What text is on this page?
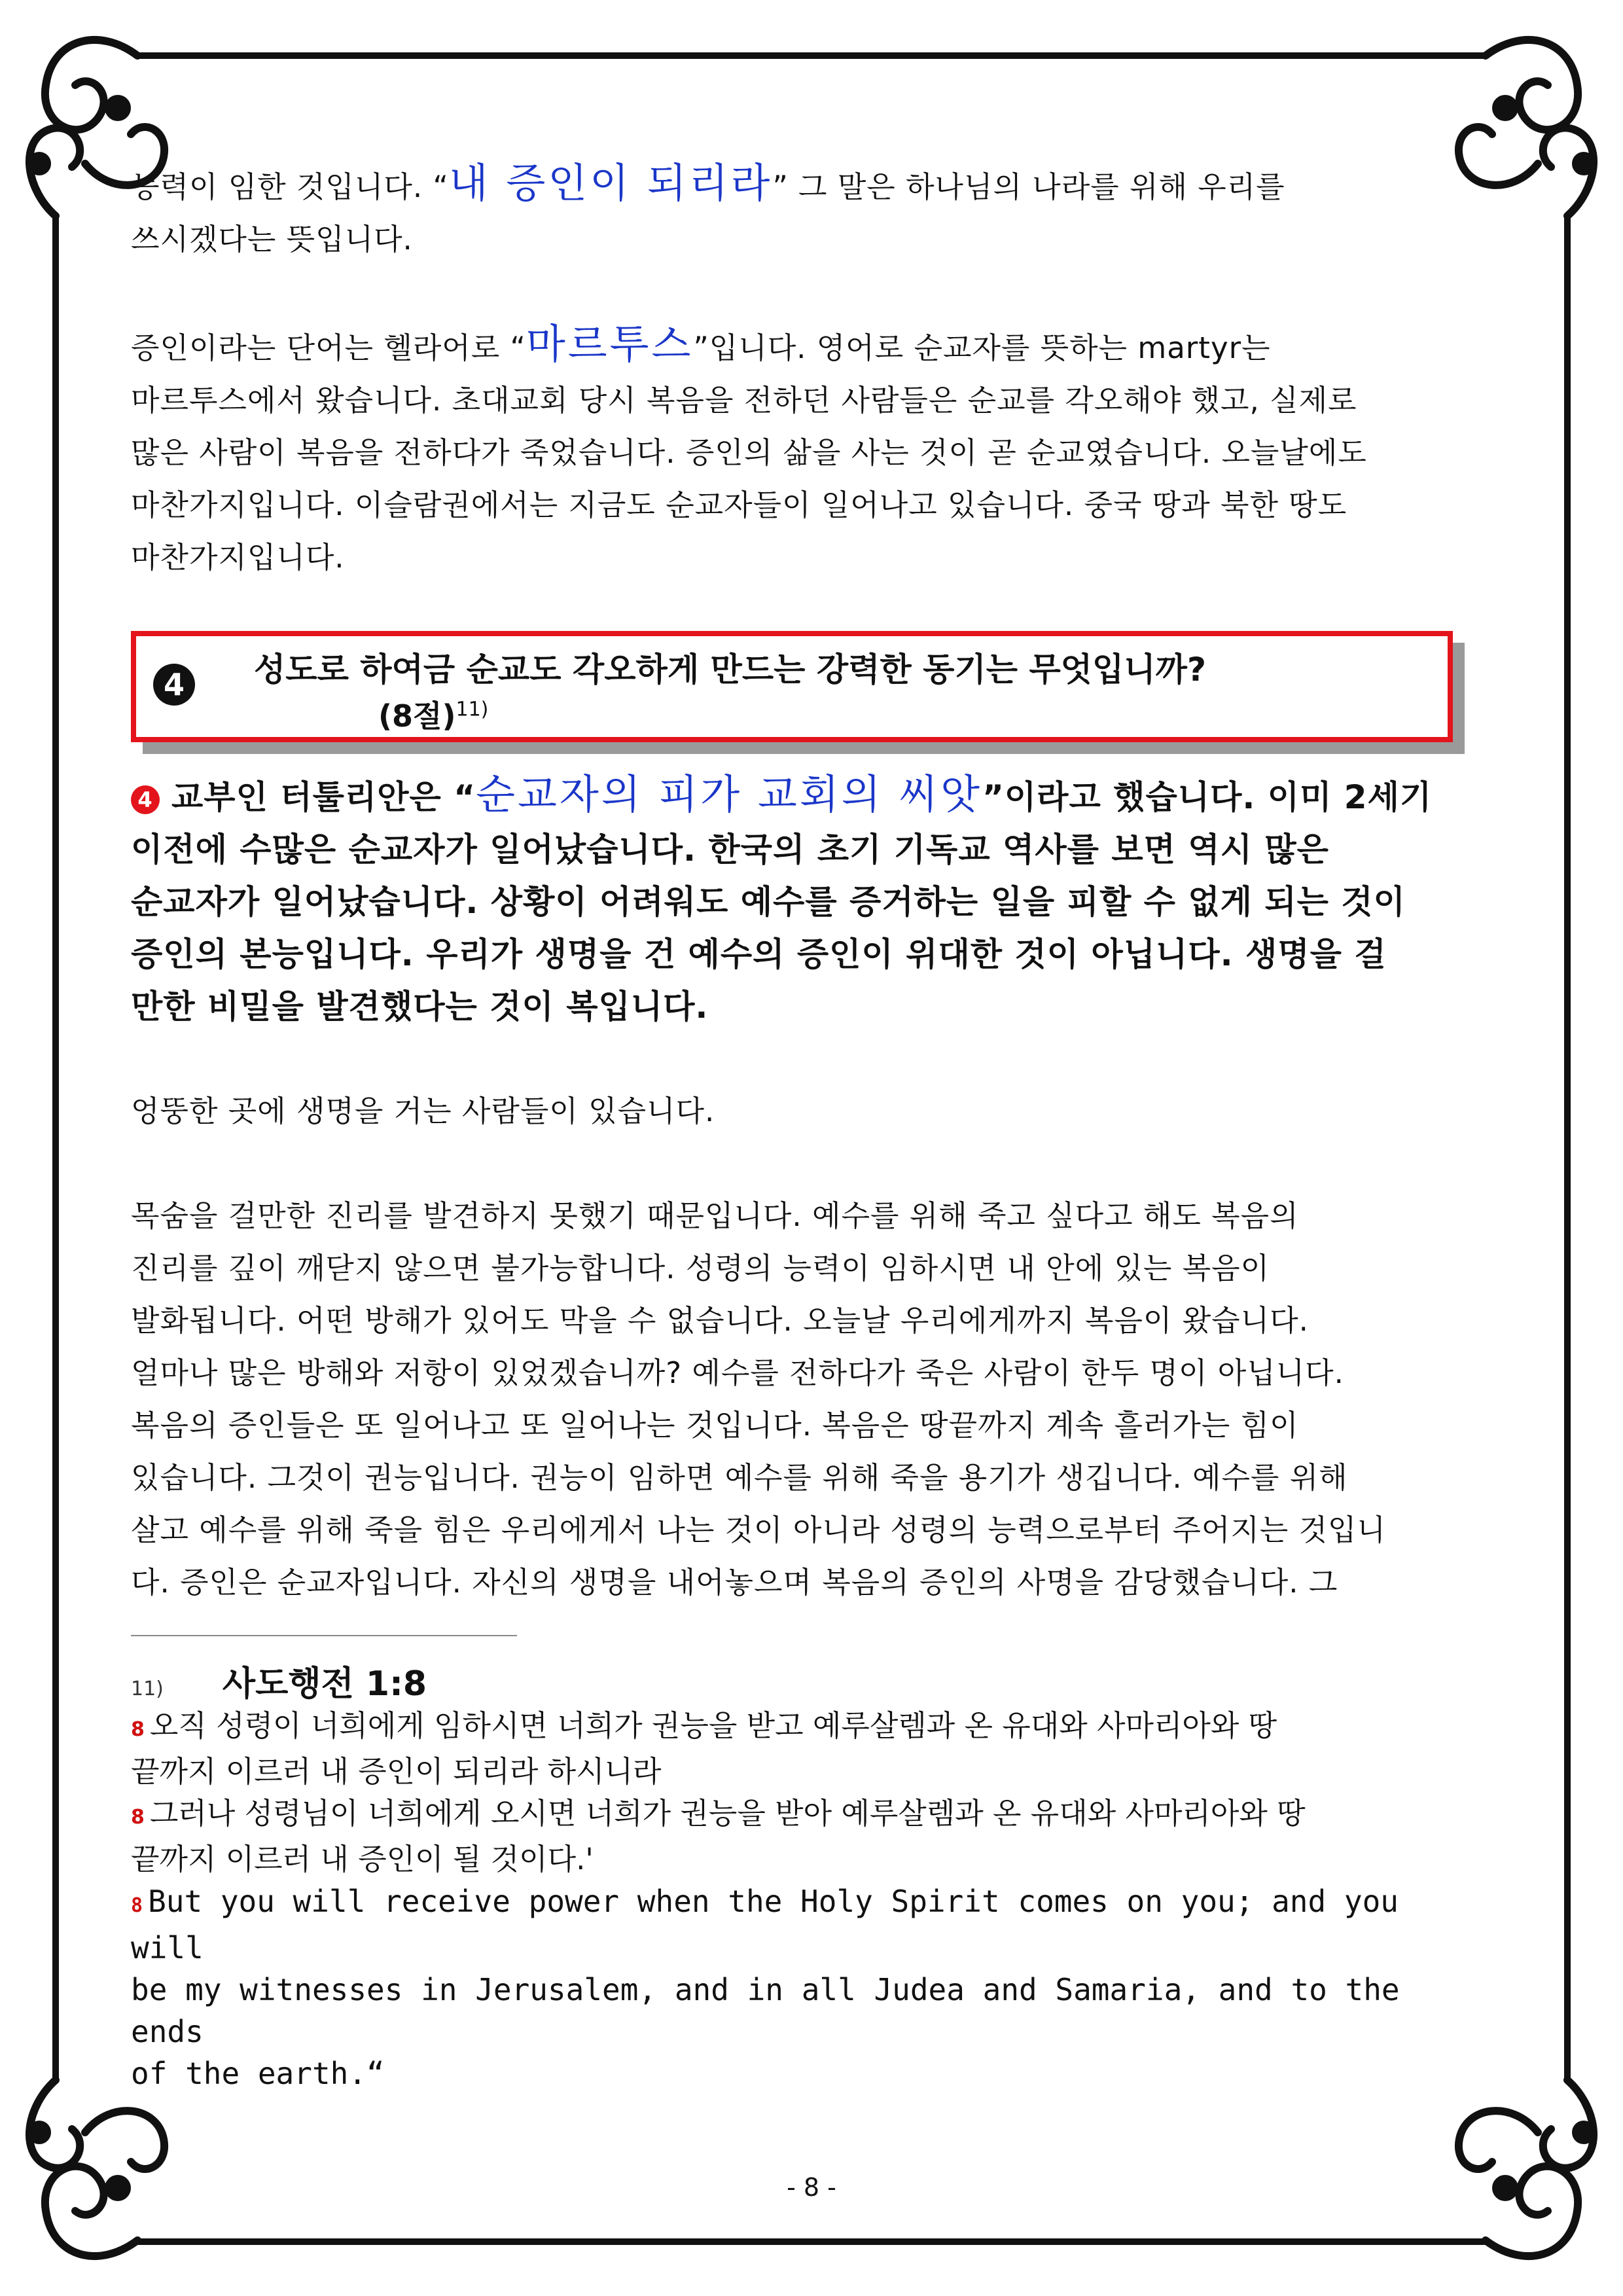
능력이 임한 것입니다. “내 증인이 되리라” 그 말은 하나님의 나라를 위해 우리를

쓰시겠다는 뜻입니다.

증인이라는 단어는 헬라어로 “마르투스”입니다. 영어로 순교자를 뜻하는 martyr는

마르투스에서 왔습니다. 초대교회 당시 복음을 전하던 사람들은 순교를 각오해야 했고, 실제로

많은 사람이 복음을 전하다가 죽었습니다. 증인의 삶을 사는 것이 곧 순교였습니다. 오늘날에도

마찬가지입니다. 이슬람권에서는 지금도 순교자들이 일어나고 있습니다. 중국 땅과 북한 땅도

마찬가지입니다.

4	성도로 하여금 순교도 각오하게 만드는 강력한 동기는 무엇입니까?
(8절)$^{11)}$

4 교부인 터툴리안은 “순교자의 피가 교회의 씨앗”이라고 했습니다. 이미 2세기

이전에 수많은 순교자가 일어났습니다. 한국의 초기 기독교 역사를 보면 역시 많은

순교자가 일어났습니다. 상황이 어려워도 예수를 증거하는 일을 피할 수 없게 되는 것이

증인의 본능입니다. 우리가 생명을 건 예수의 증인이 위대한 것이 아닙니다. 생명을 걸

만한 비밀을 발견했다는 것이 복입니다.

엉뚱한 곳에 생명을 거는 사람들이 있습니다.

목숨을 걸만한 진리를 발견하지 못했기 때문입니다. 예수를 위해 죽고 싶다고 해도 복음의

진리를 깊이 깨닫지 않으면 불가능합니다. 성령의 능력이 임하시면 내 안에 있는 복음이

발화됩니다. 어떤 방해가 있어도 막을 수 없습니다. 오늘날 우리에게까지 복음이 왔습니다.

얼마나 많은 방해와 저항이 있었겠습니까? 예수를 전하다가 죽은 사람이 한두 명이 아닙니다.

복음의 증인들은 또 일어나고 또 일어나는 것입니다. 복음은 땅끝까지 계속 흘러가는 힘이

있습니다. 그것이 권능입니다. 권능이 임하면 예수를 위해 죽을 용기가 생깁니다. 예수를 위해

살고 예수를 위해 죽을 힘은 우리에게서 나는 것이 아니라 성령의 능력으로부터 주어지는 것입니

다. 증인은 순교자입니다. 자신의 생명을 내어놓으며 복음의 증인의 사명을 감당했습니다. 그

11) 사도행전 1:8

8 오직 성령이 너희에게 임하시면 너희가 권능을 받고 예루살렘과 온 유대와 사마리아와 땅

끝까지 이르러 내 증인이 되리라 하시니라

8 그러나 성령님이 너희에게 오시면 너희가 권능을 받아 예루살렘과 온 유대와 사마리아와 땅

끝까지 이르러 내 증인이 될 것이다.'

8 But you will receive power when the Holy Spirit comes on you; and you will

be my witnesses in Jerusalem, and in all Judea and Samaria, and to the ends

of the earth.“

- 8 -
